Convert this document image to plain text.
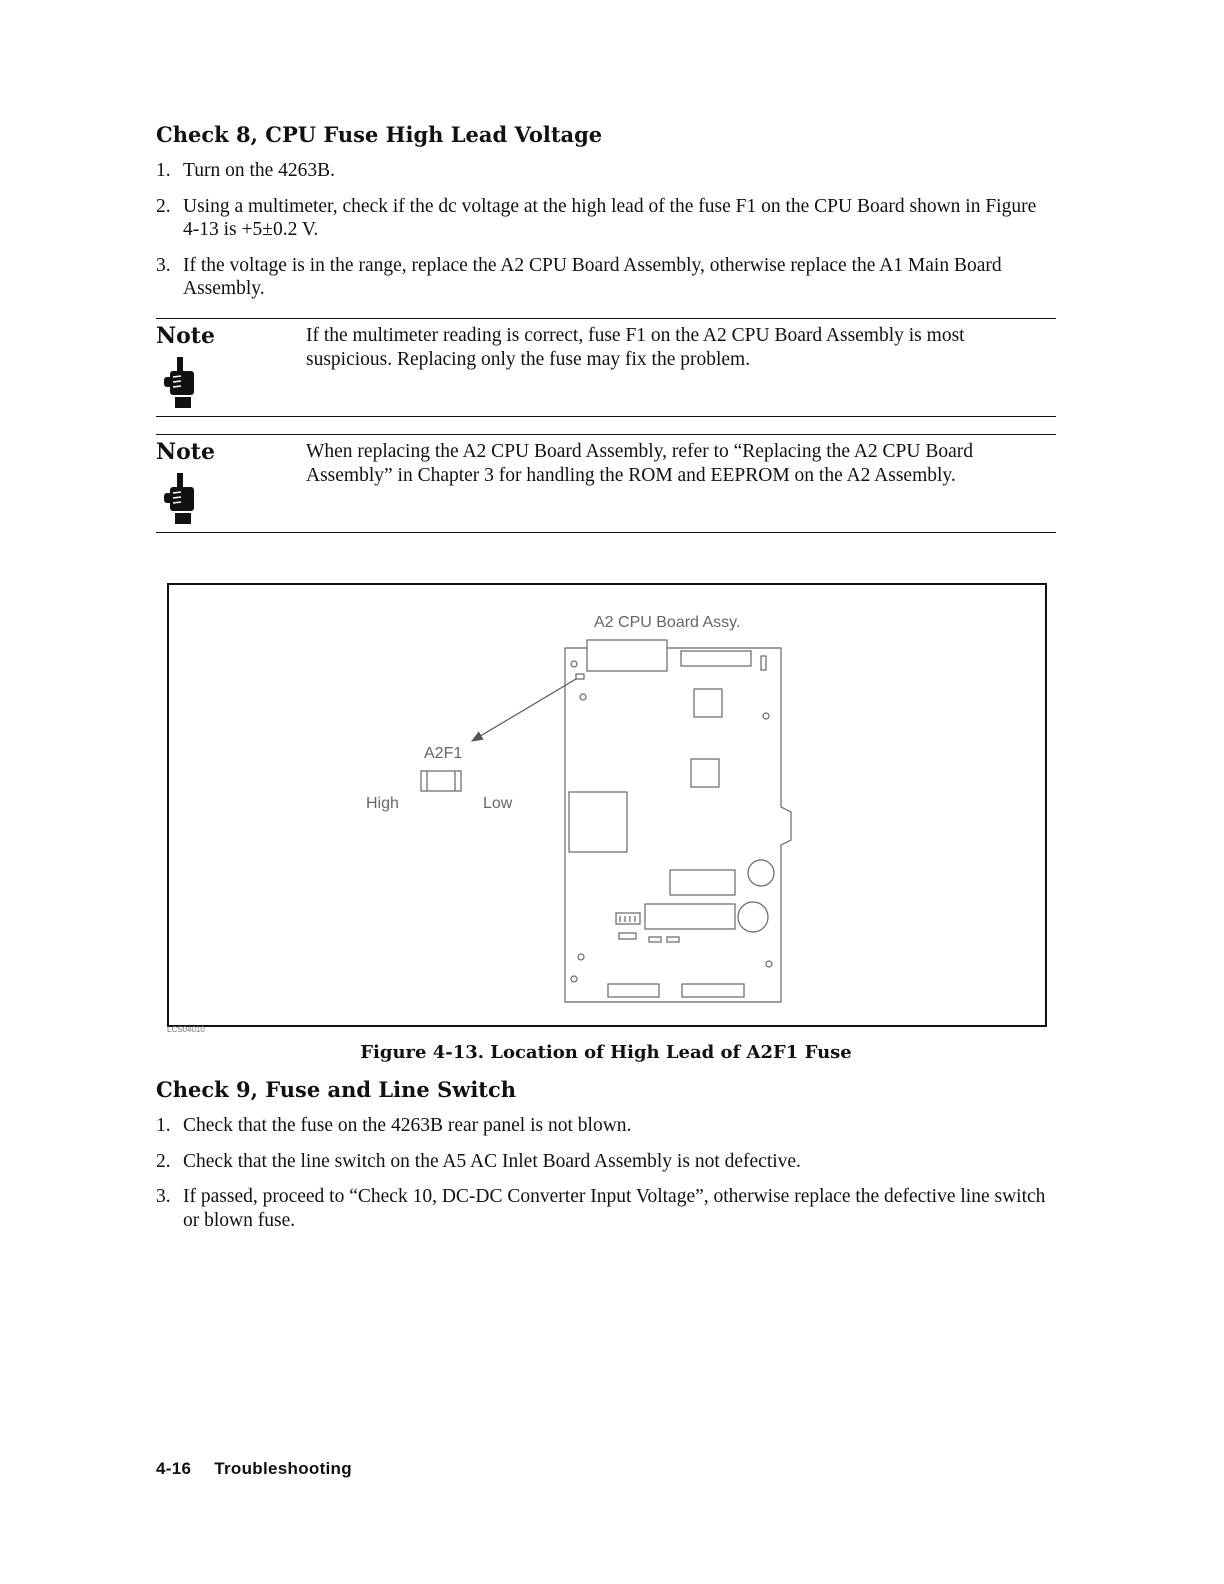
Check 8, CPU Fuse High Lead Voltage
1. Turn on the 4263B.
2. Using a multimeter, check if the dc voltage at the high lead of the fuse F1 on the CPU Board shown in Figure 4-13 is +5±0.2 V.
3. If the voltage is in the range, replace the A2 CPU Board Assembly, otherwise replace the A1 Main Board Assembly.
Note	If the multimeter reading is correct, fuse F1 on the A2 CPU Board Assembly is most suspicious. Replacing only the fuse may fix the problem.
Note	When replacing the A2 CPU Board Assembly, refer to “Replacing the A2 CPU Board Assembly” in Chapter 3 for handling the ROM and EEPROM on the A2 Assembly.
A2 CPU Board Assy.
A2F1
High	Low
LCS04010

Figure 4-13. Location of High Lead of A2F1 Fuse

Check 9, Fuse and Line Switch
1. Check that the fuse on the 4263B rear panel is not blown.
2. Check that the line switch on the A5 AC Inlet Board Assembly is not defective.
3. If passed, proceed to “Check 10, DC-DC Converter Input Voltage”, otherwise replace the defective line switch or blown fuse.
4-16 Troubleshooting
